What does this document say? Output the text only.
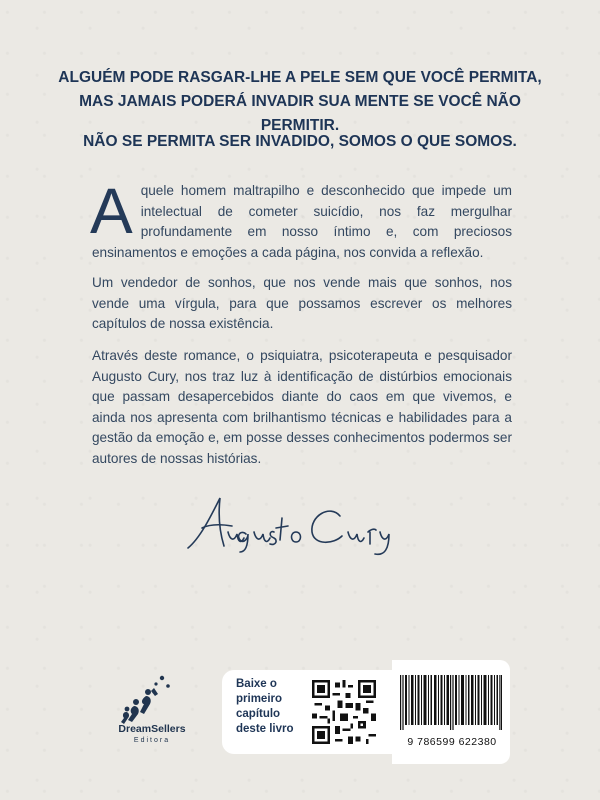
ALGUÉM PODE RASGAR-LHE A PELE SEM QUE VOCÊ PERMITA,
MAS JAMAIS PODERÁ INVADIR SUA MENTE SE VOCÊ NÃO PERMITIR.
NÃO SE PERMITA SER INVADIDO, SOMOS O QUE SOMOS.
Aquele homem maltrapilho e desconhecido que impede um intelectual de cometer suicídio, nos faz mergulhar profundamente em nosso íntimo e, com preciosos ensinamentos e emoções a cada página, nos convida a reflexão.
Um vendedor de sonhos, que nos vende mais que sonhos, nos vende uma vírgula, para que possamos escrever os melhores capítulos de nossa existência.
Através deste romance, o psiquiatra, psicoterapeuta e pesquisador Augusto Cury, nos traz luz à identificação de distúrbios emocionais que passam desapercebidos diante do caos em que vivemos, e ainda nos apresenta com brilhantismo técnicas e habilidades para a gestão da emoção e, em posse desses conhecimentos podermos ser autores de nossas histórias.
DreamSellers
Editora
Baixe o primeiro capítulo deste livro
9 786599 622380
